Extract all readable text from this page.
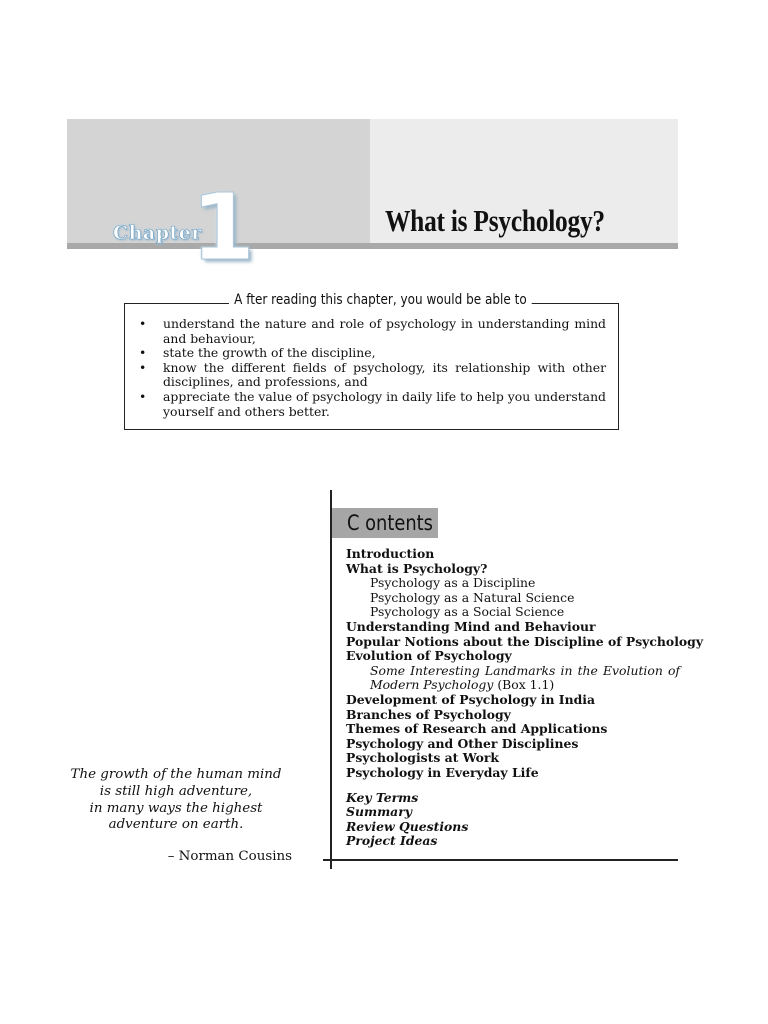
Chapter
1	What is Psychology?
• understand the nature and role of psychology in understanding mind and behaviour,
• state the growth of the discipline,
• know the different fields of psychology, its relationship with other disciplines, and professions, and
• appreciate the value of psychology in daily life to help you understand yourself and others better.
A fter reading this chapter, you would be able to
C ontents
Introduction
What is Psychology?
Psychology as a Discipline
Psychology as a Natural Science
Psychology as a Social Science
Understanding Mind and Behaviour
Popular Notions about the Discipline of Psychology
Evolution of Psychology
Some Interesting Landmarks in the Evolution of Modern Psychology (Box 1.1)
Development of Psychology in India
Branches of Psychology
Themes of Research and Applications
Psychology and Other Disciplines
Psychologists at Work
Psychology in Everyday Life
Key Terms
Summary
Review Questions
Project Ideas
The growth of the human mind
is still high adventure,
in many ways the highest
adventure on earth.
– Norman Cousins
